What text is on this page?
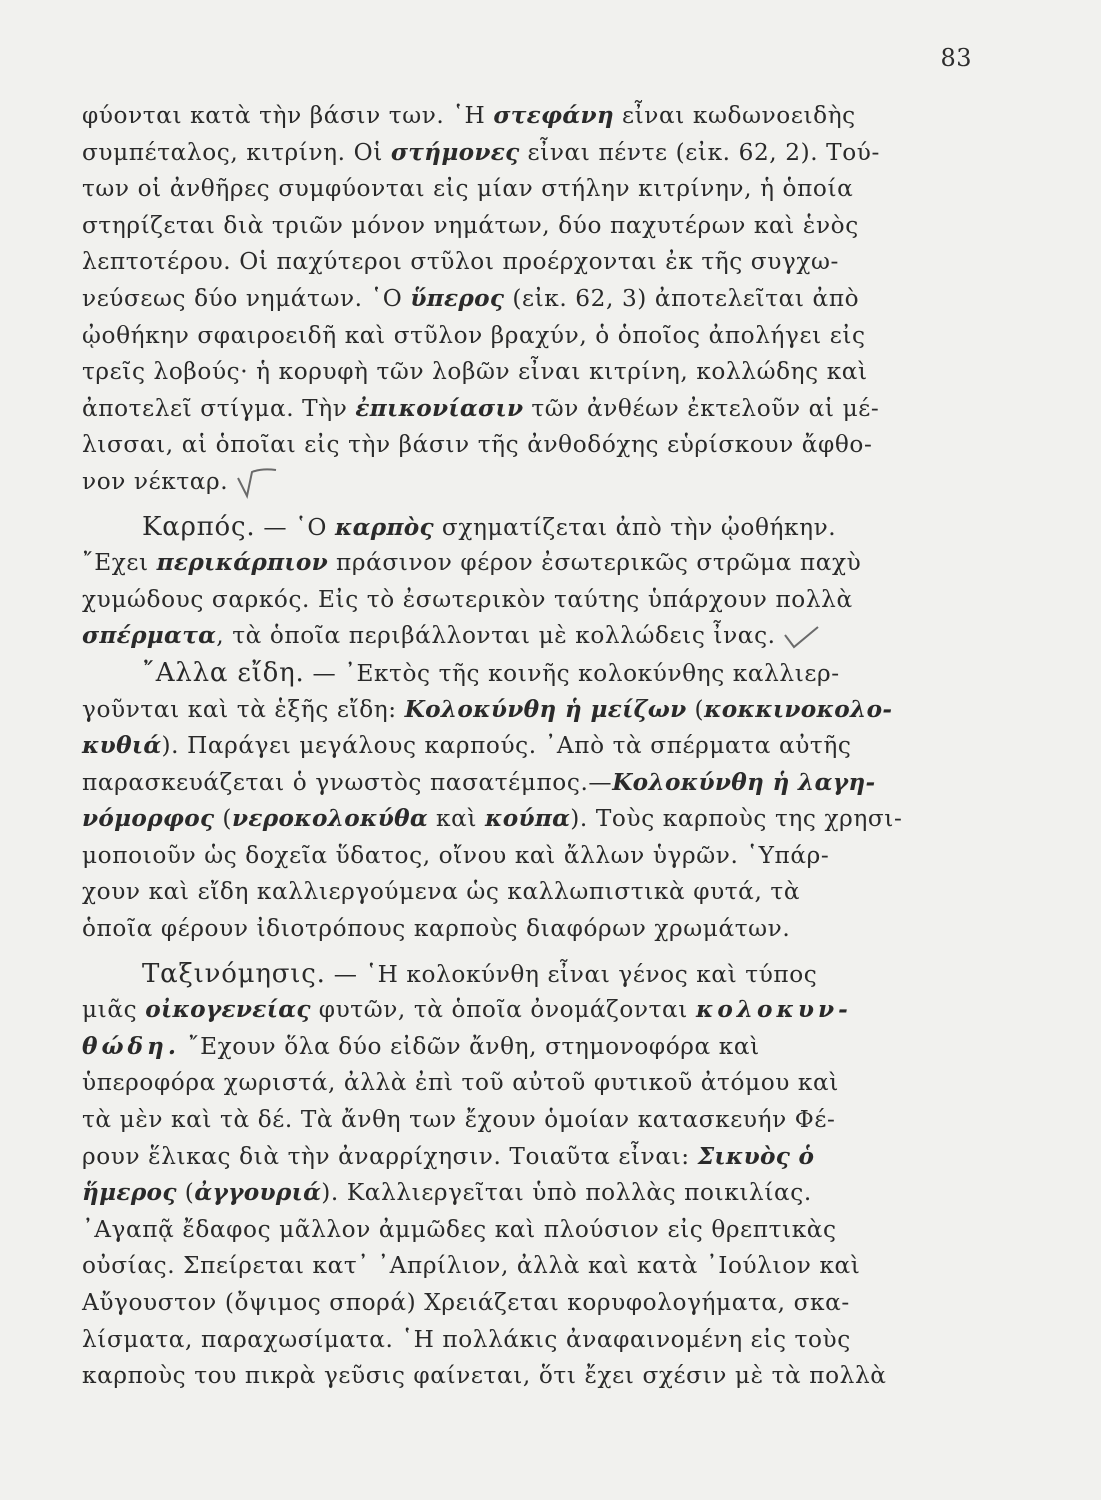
83
φύονται κατὰ τὴν βάσιν των. ῾Η στεφάνη εἶναι κωδωνοειδὴς
συμπέταλος, κιτρίνη. Οἱ στήμονες εἶναι πέντε (εἰκ. 62, 2). Τού-
των οἱ ἀνθῆρες συμφύονται εἰς μίαν στήλην κιτρίνην, ἡ ὁποία
στηρίζεται διὰ τριῶν μόνον νημάτων, δύο παχυτέρων καὶ ἑνὸς
λεπτοτέρου. Οἱ παχύτεροι στῦλοι προέρχονται ἐκ τῆς συγχω-
νεύσεως δύο νημάτων. ῾Ο ὕπερος (εἰκ. 62, 3) ἀποτελεῖται ἀπὸ
ᾠοθήκην σφαιροειδῆ καὶ στῦλον βραχύν, ὁ ὁποῖος ἀπολήγει εἰς
τρεῖς λοβούς· ἡ κορυφὴ τῶν λοβῶν εἶναι κιτρίνη, κολλώδης καὶ
ἀποτελεῖ στίγμα. Τὴν ἐπικονίασιν τῶν ἀνθέων ἐκτελοῦν αἱ μέ-
λισσαι, αἱ ὁποῖαι εἰς τὴν βάσιν τῆς ἀνθοδόχης εὑρίσκουν ἄφθο-
νον νέκταρ.
Καρπός. — ῾Ο καρπὸς σχηματίζεται ἀπὸ τὴν ᾠοθήκην.
῎Εχει περικάρπιον πράσινον φέρον ἐσωτερικῶς στρῶμα παχὺ
χυμώδους σαρκός. Εἰς τὸ ἐσωτερικὸν ταύτης ὑπάρχουν πολλὰ
σπέρματα, τὰ ὁποῖα περιβάλλονται μὲ κολλώδεις ἶνας.
῎Αλλα εἴδη. — ᾿Εκτὸς τῆς κοινῆς κολοκύνθης καλλιερ-
γοῦνται καὶ τὰ ἑξῆς εἴδη: Κολοκύνθη ἡ μείζων (κοκκινοκολο-
κυθιά). Παράγει μεγάλους καρπούς. ᾿Απὸ τὰ σπέρματα αὐτῆς
παρασκευάζεται ὁ γνωστὸς πασατέμπος.—Κολοκύνθη ἡ λαγη-
νόμορφος (νεροκολοκύθα καὶ κούπα). Τοὺς καρποὺς της χρησι-
μοποιοῦν ὡς δοχεῖα ὕδατος, οἴνου καὶ ἄλλων ὑγρῶν. ῾Υπάρ-
χουν καὶ εἴδη καλλιεργούμενα ὡς καλλωπιστικὰ φυτά, τὰ
ὁποῖα φέρουν ἰδιοτρόπους καρποὺς διαφόρων χρωμάτων.
Ταξινόμησις. — ῾Η κολοκύνθη εἶναι γένος καὶ τύπος
μιᾶς οἰκογενείας φυτῶν, τὰ ὁποῖα ὀνομάζονται κολοκυν-
θώδη. ῎Εχουν ὅλα δύο εἰδῶν ἄνθη, στημονοφόρα καὶ
ὑπεροφόρα χωριστά, ἀλλὰ ἐπὶ τοῦ αὐτοῦ φυτικοῦ ἀτόμου καὶ
τὰ μὲν καὶ τὰ δέ. Τὰ ἄνθη των ἔχουν ὁμοίαν κατασκευήν Φέ-
ρουν ἕλικας διὰ τὴν ἀναρρίχησιν. Τοιαῦτα εἶναι: Σικυὸς ὁ
ἥμερος (ἀγγουριά). Καλλιεργεῖται ὑπὸ πολλὰς ποικιλίας.
᾿Αγαπᾷ ἔδαφος μᾶλλον ἀμμῶδες καὶ πλούσιον εἰς θρεπτικὰς
οὐσίας. Σπείρεται κατ᾿ ᾿Απρίλιον, ἀλλὰ καὶ κατὰ ᾿Ιούλιον καὶ
Αὔγουστον (ὄψιμος σπορά) Χρειάζεται κορυφολογήματα, σκα-
λίσματα, παραχωσίματα. ῾Η πολλάκις ἀναφαινομένη εἰς τοὺς
καρποὺς του πικρὰ γεῦσις φαίνεται, ὅτι ἔχει σχέσιν μὲ τὰ πολλὰ
